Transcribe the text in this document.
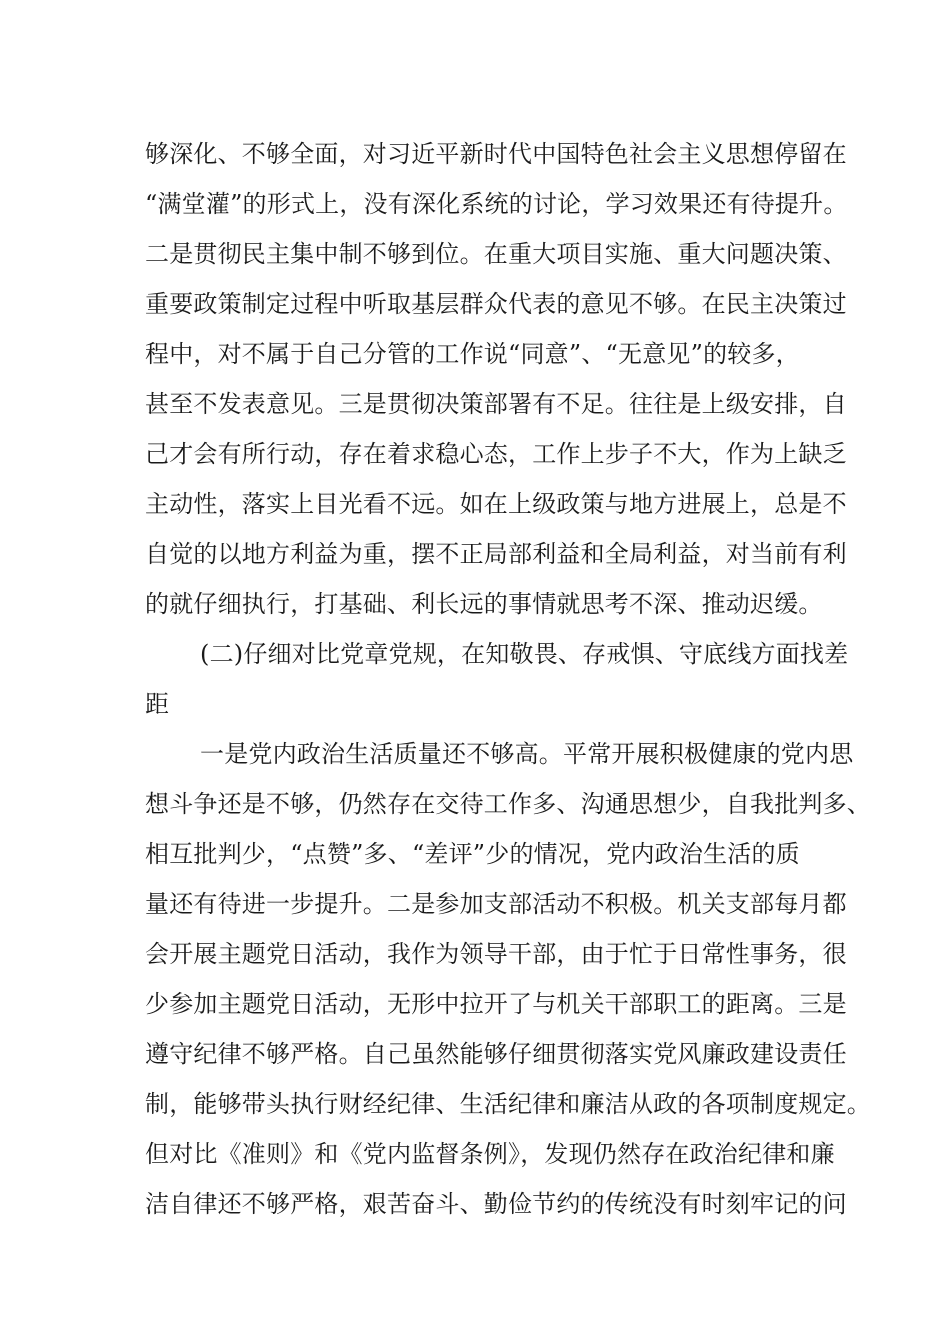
够深化、不够全面，对习近平新时代中国特色社会主义思想停留在
“满堂灌”的形式上，没有深化系统的讨论，学习效果还有待提升。
二是贯彻民主集中制不够到位。在重大项目实施、重大问题决策、
重要政策制定过程中听取基层群众代表的意见不够。在民主决策过
程中，对不属于自己分管的工作说“同意”、“无意见”的较多，
甚至不发表意见。三是贯彻决策部署有不足。往往是上级安排，自
己才会有所行动，存在着求稳心态，工作上步子不大，作为上缺乏
主动性，落实上目光看不远。如在上级政策与地方进展上，总是不
自觉的以地方利益为重，摆不正局部利益和全局利益，对当前有利
的就仔细执行，打基础、利长远的事情就思考不深、推动迟缓。
(二)仔细对比党章党规，在知敬畏、存戒惧、守底线方面找差
距
一是党内政治生活质量还不够高。平常开展积极健康的党内思
想斗争还是不够，仍然存在交待工作多、沟通思想少，自我批判多、
相互批判少，“点赞”多、“差评”少的情况，党内政治生活的质
量还有待进一步提升。二是参加支部活动不积极。机关支部每月都
会开展主题党日活动，我作为领导干部，由于忙于日常性事务，很
少参加主题党日活动，无形中拉开了与机关干部职工的距离。三是
遵守纪律不够严格。自己虽然能够仔细贯彻落实党风廉政建设责任
制，能够带头执行财经纪律、生活纪律和廉洁从政的各项制度规定。
但对比《准则》和《党内监督条例》，发现仍然存在政治纪律和廉
洁自律还不够严格，艰苦奋斗、勤俭节约的传统没有时刻牢记的问
